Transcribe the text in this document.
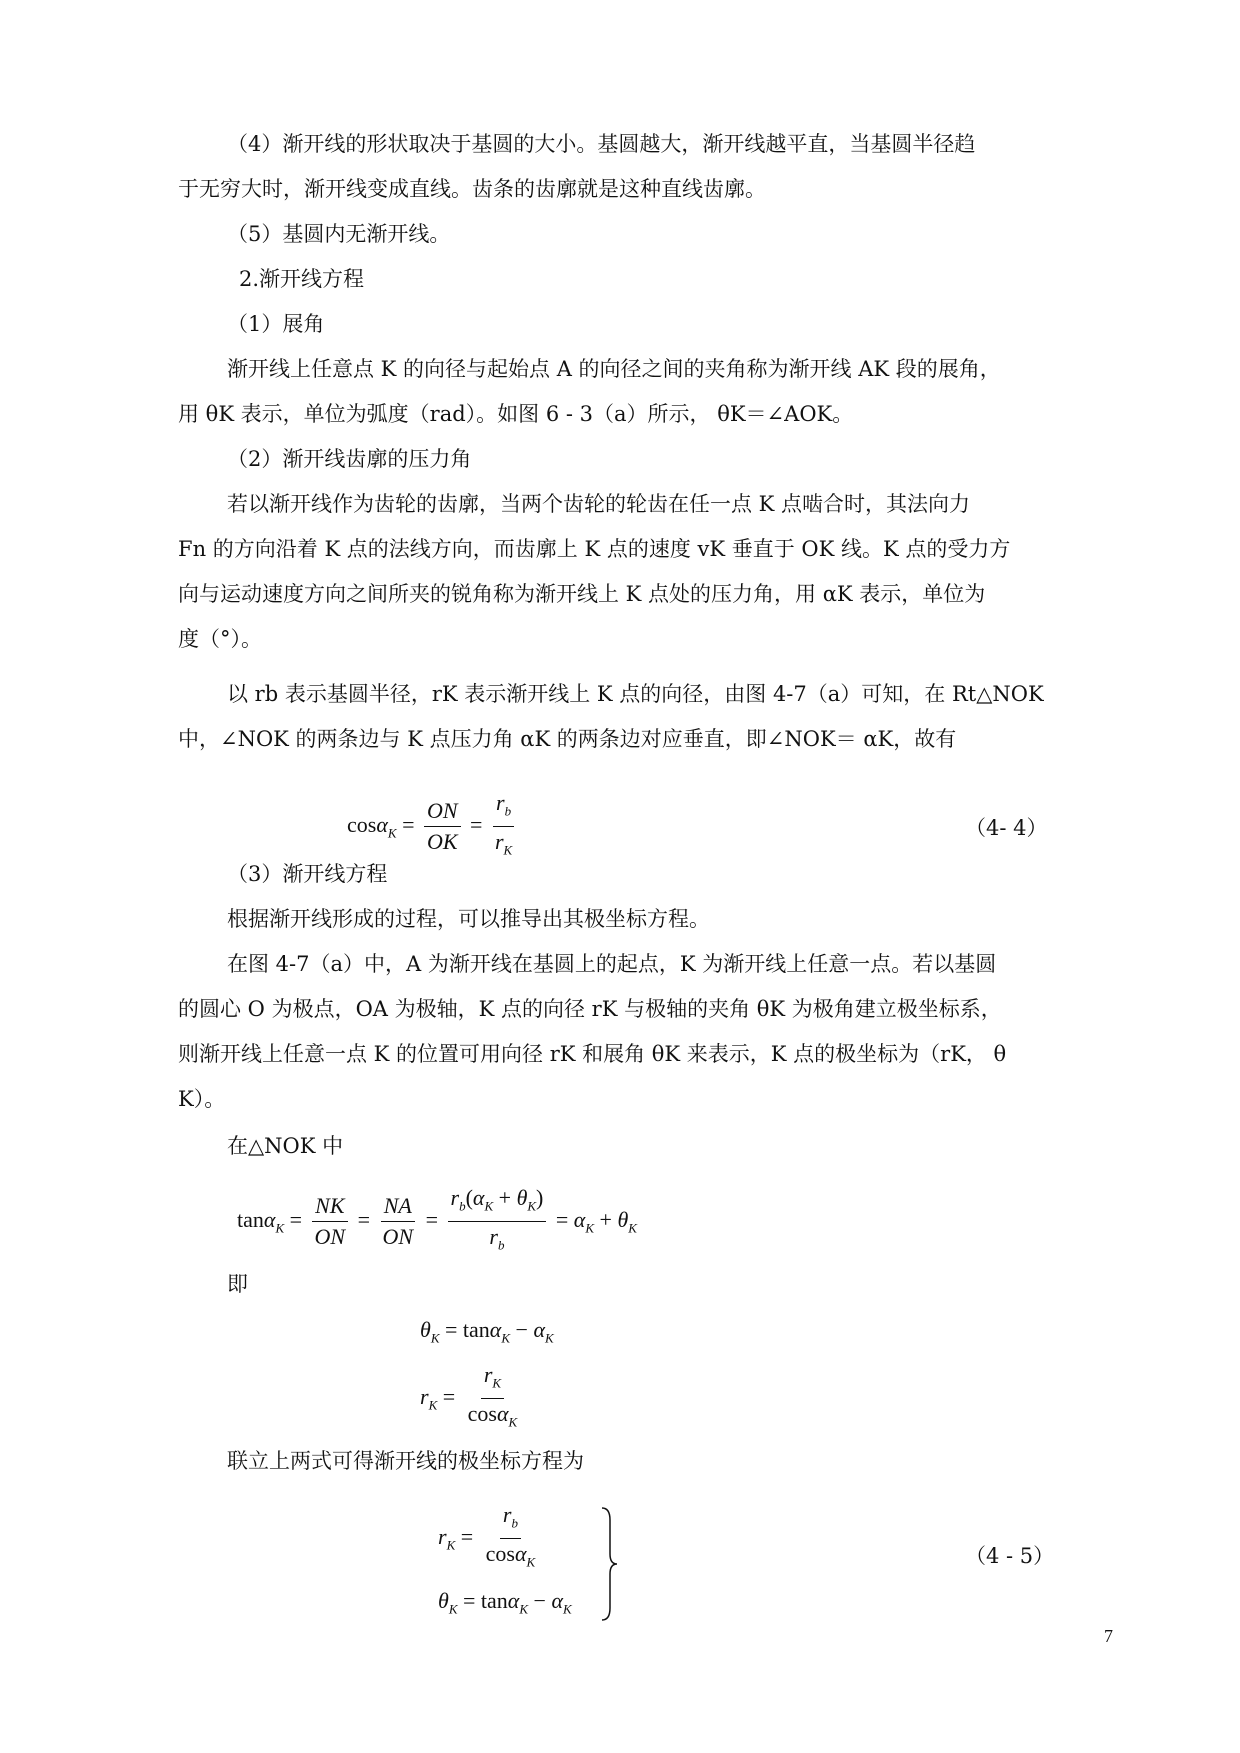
（4）渐开线的形状取决于基圆的大小。基圆越大，渐开线越平直，当基圆半径趋
于无穷大时，渐开线变成直线。齿条的齿廓就是这种直线齿廓。
（5）基圆内无渐开线。
2.渐开线方程
（1）展角
渐开线上任意点 K 的向径与起始点 A 的向径之间的夹角称为渐开线 AK 段的展角，
用 θK 表示，单位为弧度（rad）。如图 6 - 3（a）所示， θK＝∠AOK。
（2）渐开线齿廓的压力角
若以渐开线作为齿轮的齿廓，当两个齿轮的轮齿在任一点 K 点啮合时，其法向力
Fn 的方向沿着 K 点的法线方向，而齿廓上 K 点的速度 vK 垂直于 OK 线。K 点的受力方
向与运动速度方向之间所夹的锐角称为渐开线上 K 点处的压力角，用 αK 表示，单位为
度（°）。
以 rb 表示基圆半径，rK 表示渐开线上 K 点的向径，由图 4-7（a）可知，在 Rt△NOK
中，∠NOK 的两条边与 K 点压力角 αK 的两条边对应垂直，即∠NOK＝ αK，故有
$\cos\alpha_K = \frac{ON}{OK} = \frac{r_b}{r_K}$	（4- 4）
（3）渐开线方程
根据渐开线形成的过程，可以推导出其极坐标方程。
在图 4-7（a）中，A 为渐开线在基圆上的起点，K 为渐开线上任意一点。若以基圆
的圆心 O 为极点，OA 为极轴，K 点的向径 rK 与极轴的夹角 θK 为极角建立极坐标系，
则渐开线上任意一点 K 的位置可用向径 rK 和展角 θK 来表示，K 点的极坐标为（rK， θ
K）。
在△NOK 中
$\tan\alpha_K = \frac{NK}{ON} = \frac{NA}{ON} = \frac{r_b(\alpha_K + \theta_K)}{r_b} = \alpha_K + \theta_K$
即
$\theta_K = \tan\alpha_K - \alpha_K$
$r_K = \frac{r_K}{\cos\alpha_K}$
联立上两式可得渐开线的极坐标方程为
$r_K = \frac{r_b}{\cos\alpha_K}$
$\theta_K = \tan\alpha_K - \alpha_K$
（4 - 5）
7
